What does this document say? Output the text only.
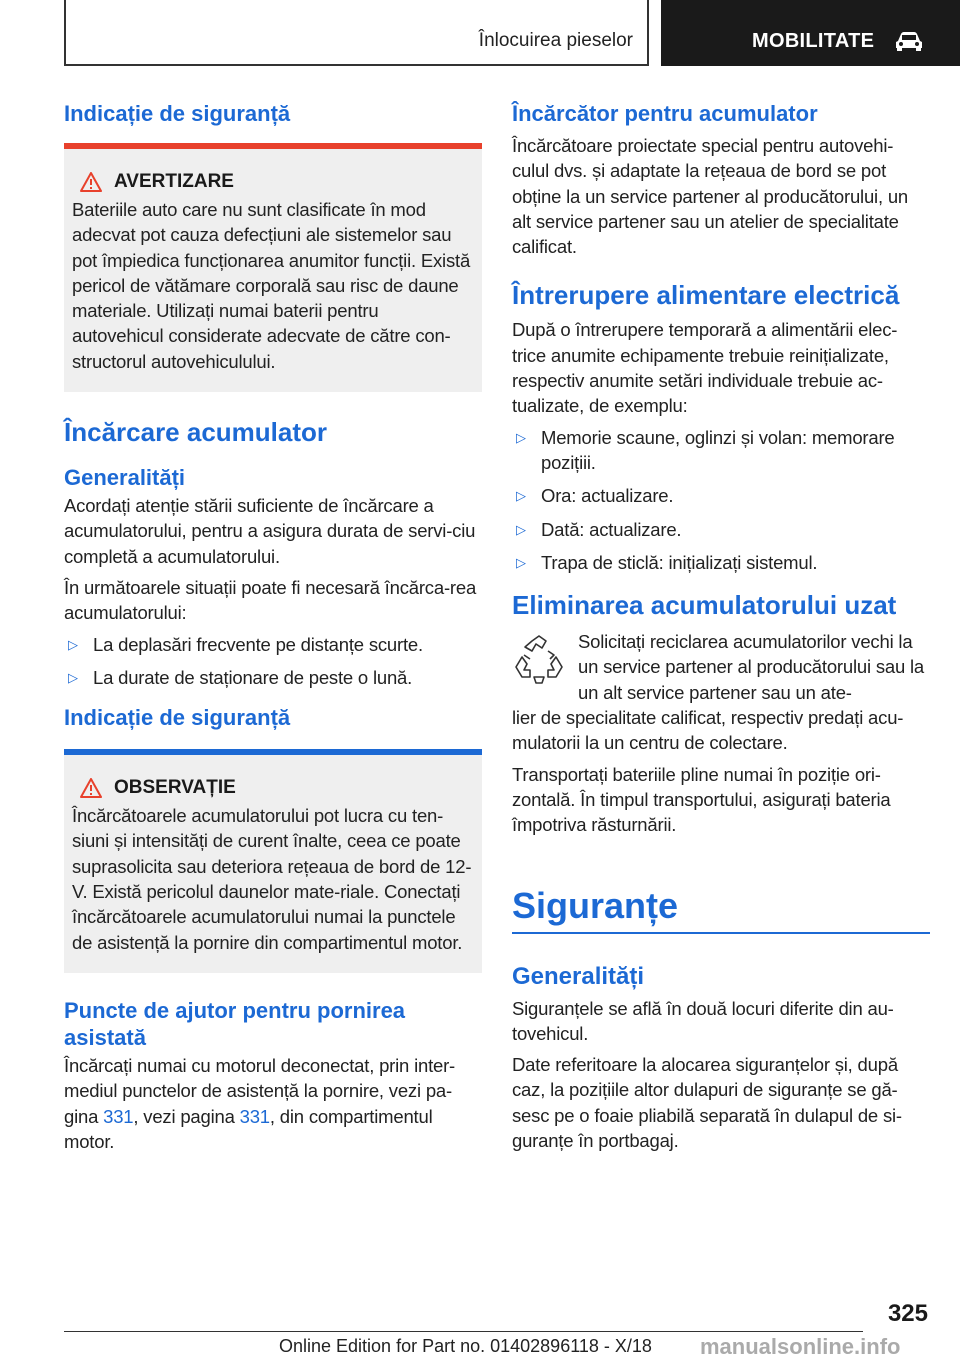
Înlocuirea pieselor	MOBILITATE
Indicație de siguranță
AVERTIZARE

Bateriile auto care nu sunt clasificate în mod adecvat pot cauza defecțiuni ale sistemelor sau pot împiedica funcționarea anumitor funcții. Există pericol de vătămare corporală sau risc de daune materiale. Utilizați numai baterii pentru autovehicul considerate adecvate de către con-structorul autovehiculului.

Încărcare acumulator
Generalități

Acordați atenție stării suficiente de încărcare a acumulatorului, pentru a asigura durata de servi-ciu completă a acumulatorului.

În următoarele situații poate fi necesară încărca-rea acumulatorului:

▷ La deplasări frecvente pe distanțe scurte.
▷ La durate de staționare de peste o lună.
Indicație de siguranță
OBSERVAȚIE

Încărcătoarele acumulatorului pot lucra cu ten-siuni și intensități de curent înalte, ceea ce poate suprasolicita sau deteriora rețeaua de bord de 12-V. Există pericolul daunelor mate-riale. Conectați încărcătoarele acumulatorului numai la punctele de asistență la pornire din compartimentul motor.

Puncte de ajutor pentru pornirea asistată

Încărcați numai cu motorul deconectat, prin inter-mediul punctelor de asistență la pornire, vezi pa-gina 331, vezi pagina 331, din compartimentul motor.

Încărcător pentru acumulator

Încărcătoare proiectate special pentru autovehi-culul dvs. și adaptate la rețeaua de bord se pot obține la un service partener al producătorului, un alt service partener sau un atelier de specialitate calificat.

Întrerupere alimentare electrică

După o întrerupere temporară a alimentării elec-trice anumite echipamente trebuie reinițializate, respectiv anumite setări individuale trebuie ac-tualizate, de exemplu:

▷ Memorie scaune, oglinzi și volan: memorare pozițiii.
▷ Ora: actualizare.
▷ Dată: actualizare.
▷ Trapa de sticlă: inițializați sistemul.
Eliminarea acumulatorului uzat

Solicitați reciclarea acumulatorilor vechi la un service partener al producătorului sau la un alt service partener sau un ate-

lier de specialitate calificat, respectiv predați acu-mulatorii la un centru de colectare.

Transportați bateriile pline numai în poziție ori-zontală. În timpul transportului, asigurați bateria împotriva răsturnării.

Siguranțe
Generalități

Siguranțele se află în două locuri diferite din au-tovehicul.

Date referitoare la alocarea siguranțelor și, după caz, la pozițiile altor dulapuri de siguranțe se gă-sesc pe o foaie pliabilă separată în dulapul de si-guranțe în portbagaj.

325
Online Edition for Part no. 01402896118 - X/18 manualsonline.info
